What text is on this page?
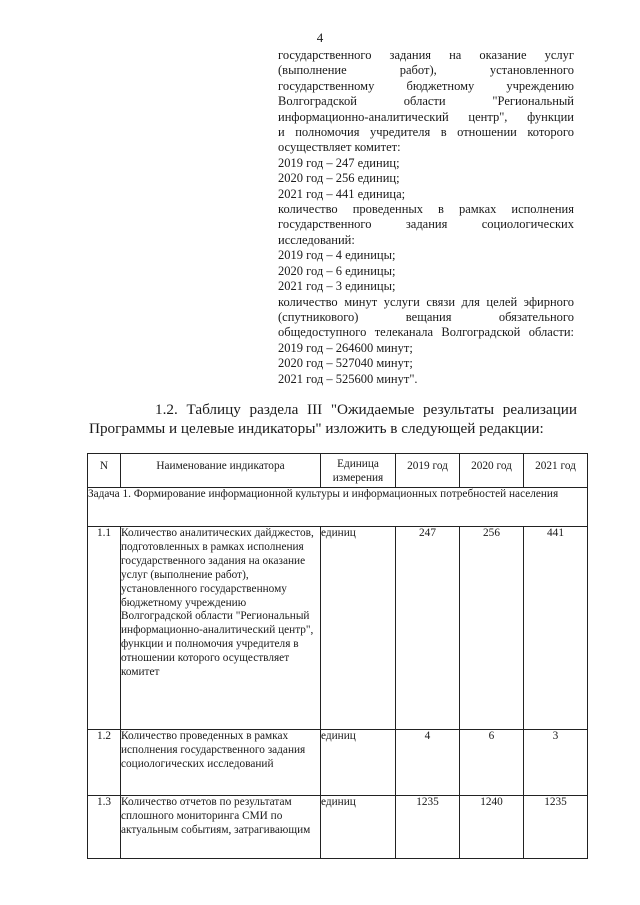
4
государственного задания на оказание услуг
(выполнение работ), установленного
государственному бюджетному учреждению
Волгоградской области "Региональный
информационно-аналитический центр", функции
и полномочия учредителя в отношении которого
осуществляет комитет:
2019 год – 247 единиц;
2020 год – 256 единиц;
2021 год – 441 единица;
количество проведенных в рамках исполнения
государственного задания социологических
исследований:
2019 год – 4 единицы;
2020 год – 6 единицы;
2021 год – 3 единицы;
количество минут услуги связи для целей эфирного
(спутникового) вещания обязательного
общедоступного телеканала Волгоградской области:
2019 год – 264600 минут;
2020 год – 527040 минут;
2021 год – 525600 минут".
1.2. Таблицу раздела III "Ожидаемые результаты реализации
Программы и целевые индикаторы" изложить в следующей редакции:
N	Наименование индикатора	Единица измерения	2019 год	2020 год	2021 год
Задача 1. Формирование информационной культуры и информационных потребностей населения					
1.1	Количество аналитических дайджестов, подготовленных в рамках исполнения государственного задания на оказание услуг (выполнение работ), установленного государственному бюджетному учреждению Волгоградской области "Региональный информационно-аналитический центр", функции и полномочия учредителя в отношении которого осуществляет комитет	единиц	247	256	441
1.2	Количество проведенных в рамках исполнения государственного задания социологических исследований	единиц	4	6	3
1.3	Количество отчетов по результатам сплошного мониторинга СМИ по актуальным событиям, затрагивающим	единиц	1235	1240	1235
